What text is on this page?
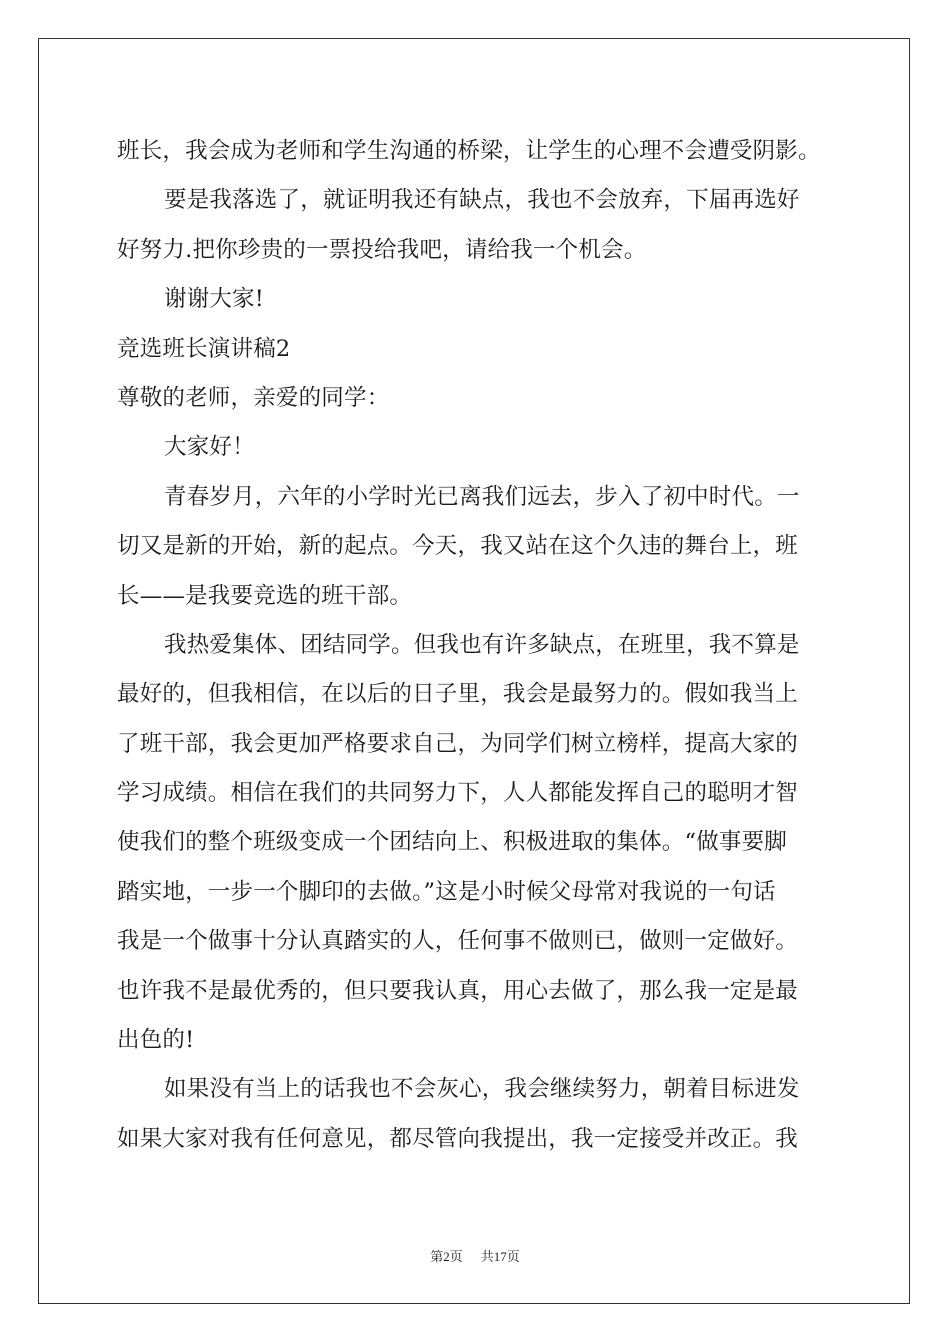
班长，我会成为老师和学生沟通的桥梁，让学生的心理不会遭受阴影。
要是我落选了，就证明我还有缺点，我也不会放弃，下届再选好
好努力.把你珍贵的一票投给我吧，请给我一个机会。
谢谢大家!
竞选班长演讲稿2
尊敬的老师，亲爱的同学：
大家好！
青春岁月，六年的小学时光已离我们远去，步入了初中时代。一
切又是新的开始，新的起点。今天，我又站在这个久违的舞台上，班
长——是我要竞选的班干部。
我热爱集体、团结同学。但我也有许多缺点，在班里，我不算是
最好的，但我相信，在以后的日子里，我会是最努力的。假如我当上
了班干部，我会更加严格要求自己，为同学们树立榜样，提高大家的
学习成绩。相信在我们的共同努力下，人人都能发挥自己的聪明才智
使我们的整个班级变成一个团结向上、积极进取的集体。“做事要脚
踏实地，一步一个脚印的去做。”这是小时候父母常对我说的一句话
我是一个做事十分认真踏实的人，任何事不做则已，做则一定做好。
也许我不是最优秀的，但只要我认真，用心去做了，那么我一定是最
出色的!
如果没有当上的话我也不会灰心，我会继续努力，朝着目标进发
如果大家对我有任何意见，都尽管向我提出，我一定接受并改正。我
第2页 共17页
